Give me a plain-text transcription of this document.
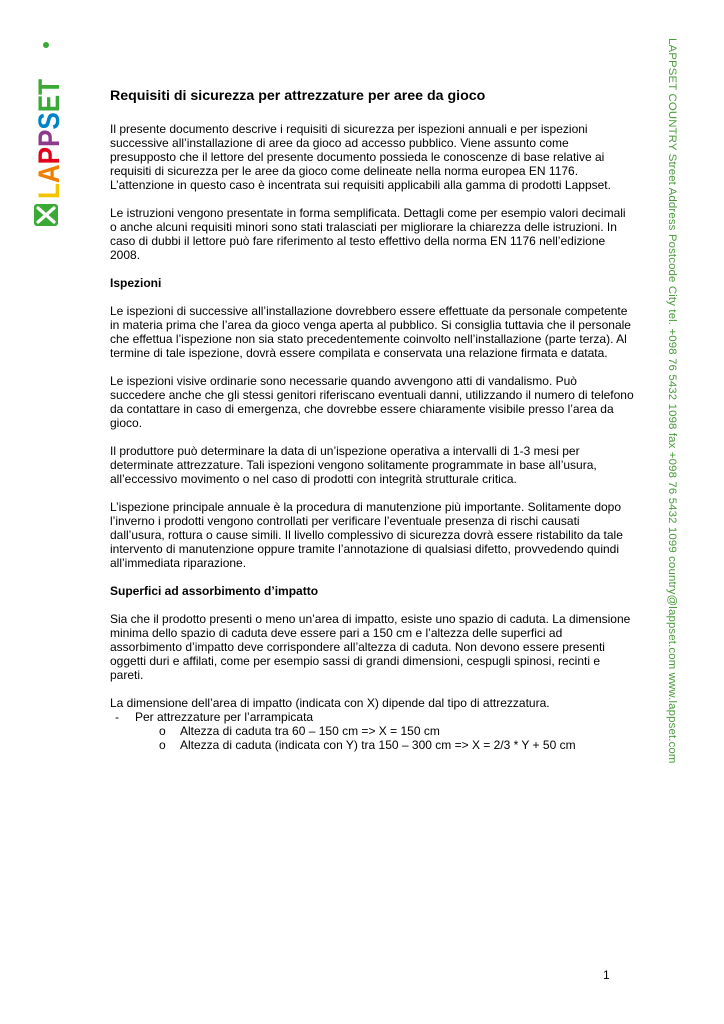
LAPPSET	LAPPSET COUNTRY Street Address Postcode City tel. +098 76 5432 1098 fax +098 76 5432 1099 country@lappset.com www.lappset.com
Requisiti di sicurezza per attrezzature per aree da gioco

Il presente documento descrive i requisiti di sicurezza per ispezioni annuali e per ispezioni successive all’installazione di aree da gioco ad accesso pubblico. Viene assunto come presupposto che il lettore del presente documento possieda le conoscenze di base relative ai requisiti di sicurezza per le aree da gioco come delineate nella norma europea EN 1176. L’attenzione in questo caso è incentrata sui requisiti applicabili alla gamma di prodotti Lappset.

Le istruzioni vengono presentate in forma semplificata. Dettagli come per esempio valori decimali o anche alcuni requisiti minori sono stati tralasciati per migliorare la chiarezza delle istruzioni. In caso di dubbi il lettore può fare riferimento al testo effettivo della norma EN 1176 nell’edizione 2008.

Ispezioni

Le ispezioni di successive all’installazione dovrebbero essere effettuate da personale competente in materia prima che l’area da gioco venga aperta al pubblico. Si consiglia tuttavia che il personale che effettua l’ispezione non sia stato precedentemente coinvolto nell’installazione (parte terza). Al termine di tale ispezione, dovrà essere compilata e conservata una relazione firmata e datata.

Le ispezioni visive ordinarie sono necessarie quando avvengono atti di vandalismo. Può succedere anche che gli stessi genitori riferiscano eventuali danni, utilizzando il numero di telefono da contattare in caso di emergenza, che dovrebbe essere chiaramente visibile presso l’area da gioco.

Il produttore può determinare la data di un’ispezione operativa a intervalli di 1-3 mesi per determinate attrezzature. Tali ispezioni vengono solitamente programmate in base all’usura, all’eccessivo movimento o nel caso di prodotti con integrità strutturale critica.

L’ispezione principale annuale è la procedura di manutenzione più importante. Solitamente dopo l’inverno i prodotti vengono controllati per verificare l’eventuale presenza di rischi causati dall’usura, rottura o cause simili. Il livello complessivo di sicurezza dovrà essere ristabilito da tale intervento di manutenzione oppure tramite l’annotazione di qualsiasi difetto, provvedendo quindi all’immediata riparazione.

Superfici ad assorbimento d’impatto

Sia che il prodotto presenti o meno un’area di impatto, esiste uno spazio di caduta. La dimensione minima dello spazio di caduta deve essere pari a 150 cm e l’altezza delle superfici ad assorbimento d’impatto deve corrispondere all’altezza di caduta. Non devono essere presenti oggetti duri e affilati, come per esempio sassi di grandi dimensioni, cespugli spinosi, recinti e pareti.

La dimensione dell’area di impatto (indicata con X) dipende dal tipo di attrezzatura.
- Per attrezzature per l’arrampicata
o Altezza di caduta tra 60 – 150 cm => X = 150 cm
o Altezza di caduta (indicata con Y) tra 150 – 300 cm => X = 2/3 * Y + 50 cm
1
